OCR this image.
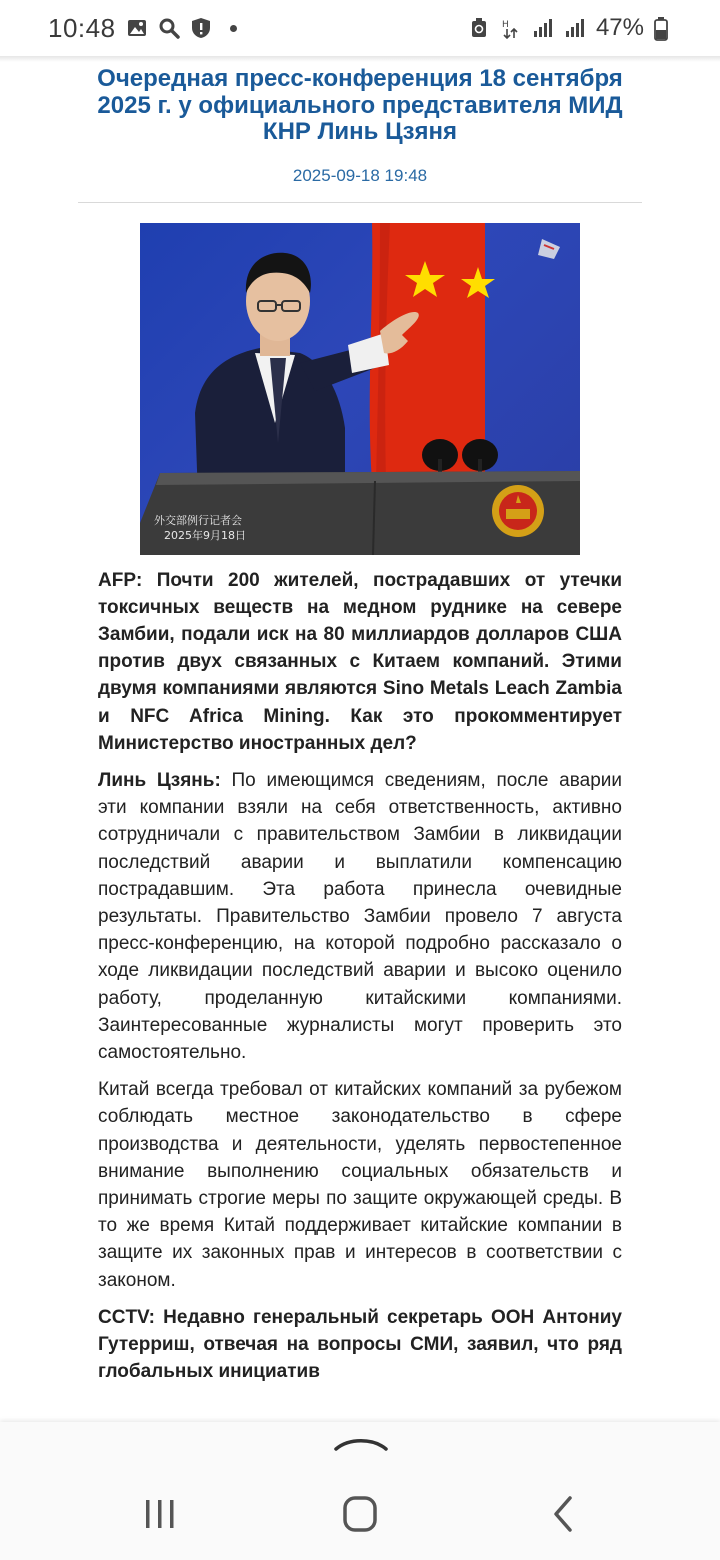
10:48	H	47%
Очередная пресс-конференция 18 сентября 2025 г. у официального представителя МИД КНР Линь Цзяня
2025-09-18 19:48
外交部例行记者会
2025年9月18日

AFP: Почти 200 жителей, пострадавших от утечки токсичных веществ на медном руднике на севере Замбии, подали иск на 80 миллиардов долларов США против двух связанных с Китаем компаний. Этими двумя компаниями являются Sino Metals Leach Zambia и NFC Africa Mining. Как это прокомментирует Министерство иностранных дел?

Линь Цзянь: По имеющимся сведениям, после аварии эти компании взяли на себя ответственность, активно сотрудничали с правительством Замбии в ликвидации последствий аварии и выплатили компенсацию пострадавшим. Эта работа принесла очевидные результаты. Правительство Замбии провело 7 августа пресс-конференцию, на которой подробно рассказало о ходе ликвидации последствий аварии и высоко оценило работу, проделанную китайскими компаниями. Заинтересованные журналисты могут проверить это самостоятельно.

Китай всегда требовал от китайских компаний за рубежом соблюдать местное законодательство в сфере производства и деятельности, уделять первостепенное внимание выполнению социальных обязательств и принимать строгие меры по защите окружающей среды. В то же время Китай поддерживает китайские компании в защите их законных прав и интересов в соответствии с законом.

CCTV: Недавно генеральный секретарь ООН Антониу Гутерриш, отвечая на вопросы СМИ, заявил, что ряд глобальных инициатив
